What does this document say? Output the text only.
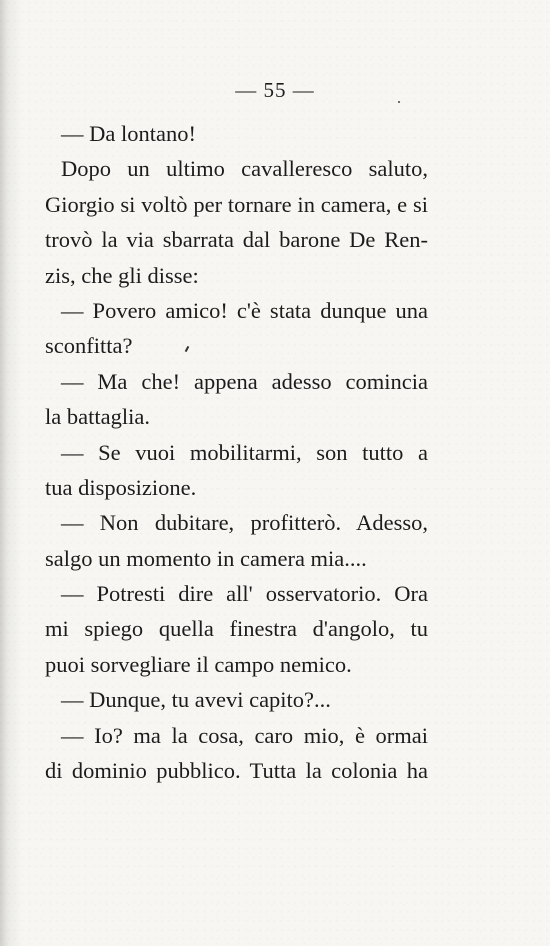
— 55 —
— Da lontano!
Dopo un ultimo cavalleresco saluto,
Giorgio si voltò per tornare in camera, e si
trovò la via sbarrata dal barone De Ren-
zis, che gli disse:
— Povero amico! c'è stata dunque una
sconfitta?
— Ma che! appena adesso comincia
la battaglia.
— Se vuoi mobilitarmi, son tutto a
tua disposizione.
— Non dubitare, profitterò. Adesso,
salgo un momento in camera mia....
— Potresti dire all' osservatorio. Ora
mi spiego quella finestra d'angolo, tu
puoi sorvegliare il campo nemico.
— Dunque, tu avevi capito?...
— Io? ma la cosa, caro mio, è ormai
di dominio pubblico. Tutta la colonia ha
